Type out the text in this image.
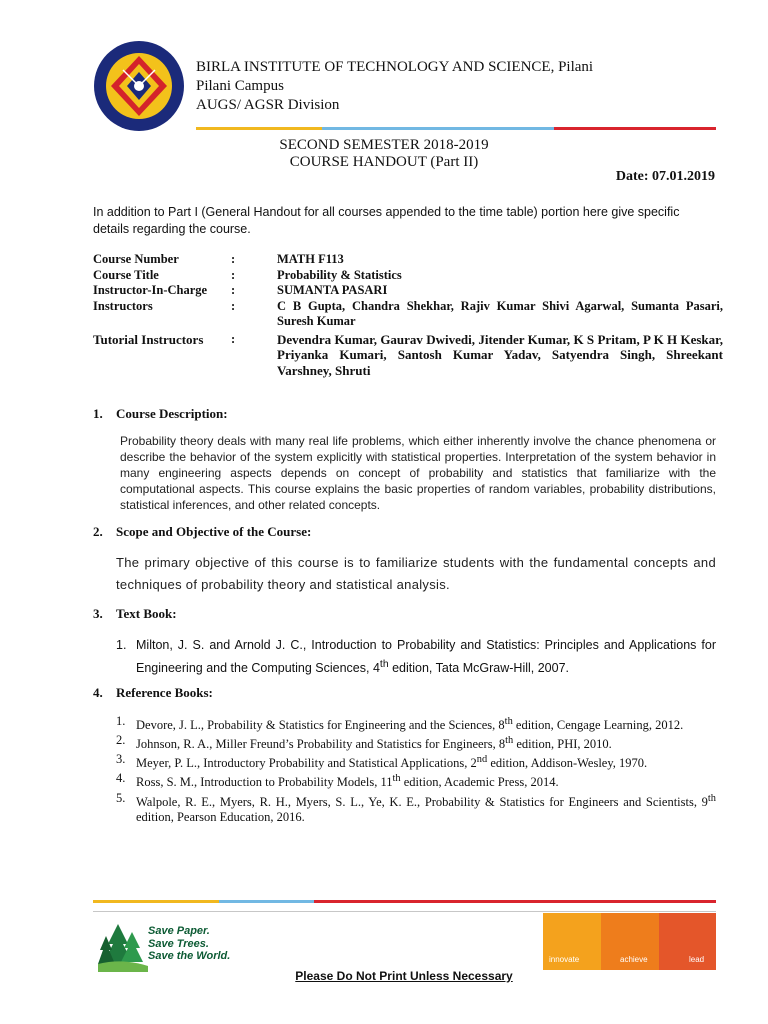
BIRLA INSTITUTE OF TECHNOLOGY AND SCIENCE, Pilani
Pilani Campus
AUGS/ AGSR Division
SECOND SEMESTER 2018-2019
COURSE HANDOUT (Part II)
Date: 07.01.2019
In addition to Part I (General Handout for all courses appended to the time table) portion here give specific details regarding the course.
Course Number	:	MATH F113
Course Title	:	Probability & Statistics
Instructor-In-Charge	:	SUMANTA PASARI
Instructors	:	C B Gupta, Chandra Shekhar, Rajiv Kumar Shivi Agarwal, Sumanta Pasari, Suresh Kumar
Tutorial Instructors	:	Devendra Kumar, Gaurav Dwivedi, Jitender Kumar, K S Pritam, P K H Keskar, Priyanka Kumari, Santosh Kumar Yadav, Satyendra Singh, Shreekant Varshney, Shruti
1. Course Description:
Probability theory deals with many real life problems, which either inherently involve the chance phenomena or describe the behavior of the system explicitly with statistical properties. Interpretation of the system behavior in many engineering aspects depends on concept of probability and statistics that familiarize with the computational aspects. This course explains the basic properties of random variables, probability distributions, statistical inferences, and other related concepts.
2. Scope and Objective of the Course:
The primary objective of this course is to familiarize students with the fundamental concepts and techniques of probability theory and statistical analysis.
3. Text Book:
1. Milton, J. S. and Arnold J. C., Introduction to Probability and Statistics: Principles and Applications for Engineering and the Computing Sciences, 4th edition, Tata McGraw-Hill, 2007.
4. Reference Books:
1. Devore, J. L., Probability & Statistics for Engineering and the Sciences, 8th edition, Cengage Learning, 2012.
2. Johnson, R. A., Miller Freund’s Probability and Statistics for Engineers, 8th edition, PHI, 2010.
3. Meyer, P. L., Introductory Probability and Statistical Applications, 2nd edition, Addison-Wesley, 1970.
4. Ross, S. M., Introduction to Probability Models, 11th edition, Academic Press, 2014.
5. Walpole, R. E., Myers, R. H., Myers, S. L., Ye, K. E., Probability & Statistics for Engineers and Scientists, 9th edition, Pearson Education, 2016.
Save Paper.
Save Trees.
Save the World.	innovate	achieve	lead
Please Do Not Print Unless Necessary
